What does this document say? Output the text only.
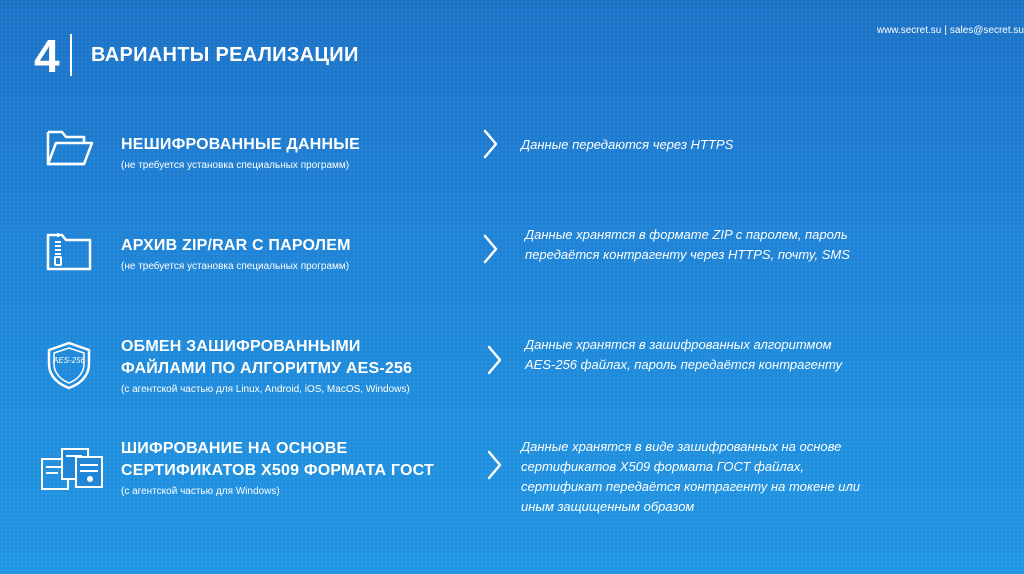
4 ВАРИАНТЫ РЕАЛИЗАЦИИ
www.secret.su | sales@secret.su
НЕШИФРОВАННЫЕ ДАННЫЕ
(не требуется установка специальных программ)
Данные передаются через HTTPS
АРХИВ ZIP/RAR С ПАРОЛЕМ
(не требуется установка специальных программ)
Данные хранятся в формате ZIP с паролем, пароль
передаётся контрагенту через HTTPS, почту, SMS
AES-256
ОБМЕН ЗАШИФРОВАННЫМИ
ФАЙЛАМИ ПО АЛГОРИТМУ AES-256
(с агентской частью для Linux, Android, iOS, MacOS, Windows)
Данные хранятся в зашифрованных алгоритмом
AES-256 файлах, пароль передаётся контрагенту
ШИФРОВАНИЕ НА ОСНОВЕ
СЕРТИФИКАТОВ X509 ФОРМАТА ГОСТ
(с агентской частью для Windows)
Данные хранятся в виде зашифрованных на основе
сертификатов X509 формата ГОСТ файлах,
сертификат передаётся контрагенту на токене или
иным защищенным образом
